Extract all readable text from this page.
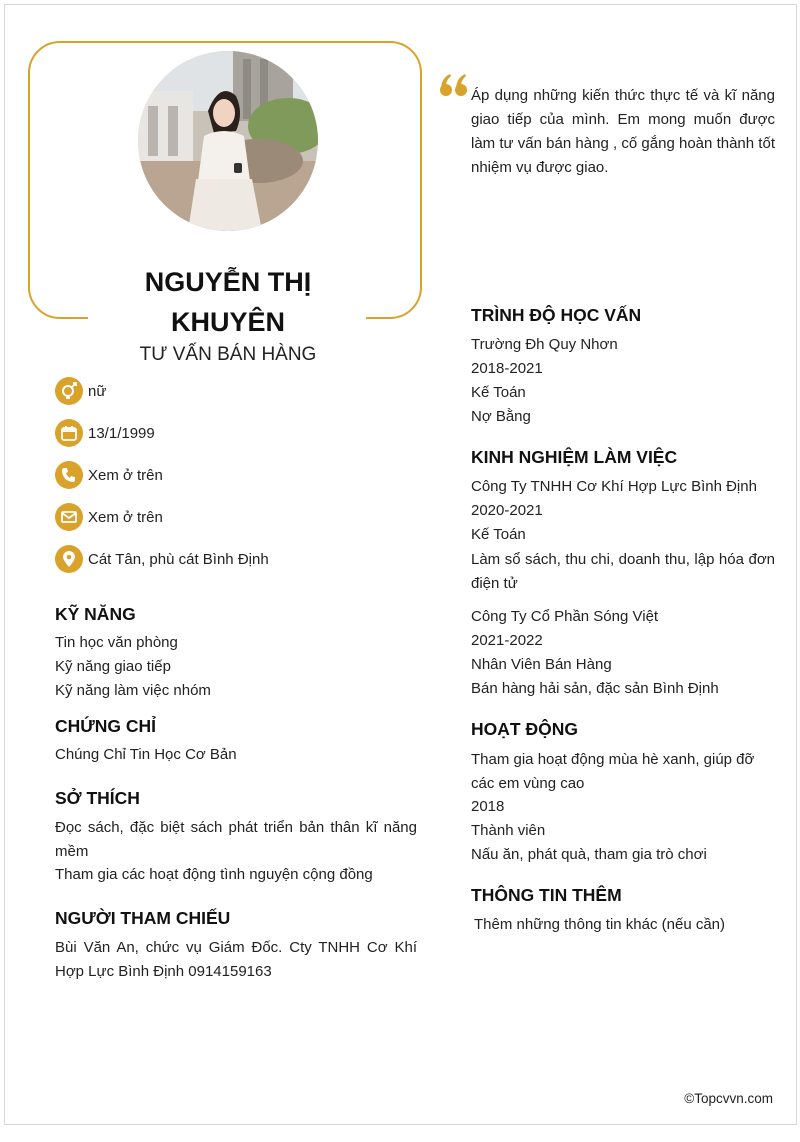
NGUYỄN THỊ
KHUYÊN
TƯ VẤN BÁN HÀNG
Áp dụng những kiến thức thực tế và kĩ năng giao tiếp của mình. Em mong muốn được làm tư vấn bán hàng , cố gắng hoàn thành tốt nhiệm vụ được giao.
nữ
13/1/1999
Xem ở trên
Xem ở trên
Cát Tân, phù cát Bình Định
KỸ NĂNG
Tin học văn phòng
Kỹ năng giao tiếp
Kỹ năng làm việc nhóm
CHỨNG CHỈ
Chúng Chỉ Tin Học Cơ Bản
SỞ THÍCH
Đọc sách, đặc biệt sách phát triển bản thân kĩ năng mềm
Tham gia các hoạt động tình nguyện cộng đồng
NGƯỜI THAM CHIẾU
Bùi Văn An, chức vụ Giám Đốc. Cty TNHH Cơ Khí Hợp Lực Bình Định 0914159163
TRÌNH ĐỘ HỌC VẤN
Trường Đh Quy Nhơn
2018-2021
Kế Toán
Nợ Bằng
KINH NGHIỆM LÀM VIỆC
Công Ty TNHH Cơ Khí Hợp Lực Bình Định
2020-2021
Kế Toán
Làm sổ sách, thu chi, doanh thu, lập hóa đơn điện tử
Công Ty Cổ Phần Sóng Việt
2021-2022
Nhân Viên Bán Hàng
Bán hàng hải sản, đặc sản Bình Định
HOẠT ĐỘNG
Tham gia hoạt động mùa hè xanh, giúp đỡ các em vùng cao
2018
Thành viên
Nấu ăn, phát quà, tham gia trò chơi
THÔNG TIN THÊM
Thêm những thông tin khác (nếu cần)
©Topcvvn.com
